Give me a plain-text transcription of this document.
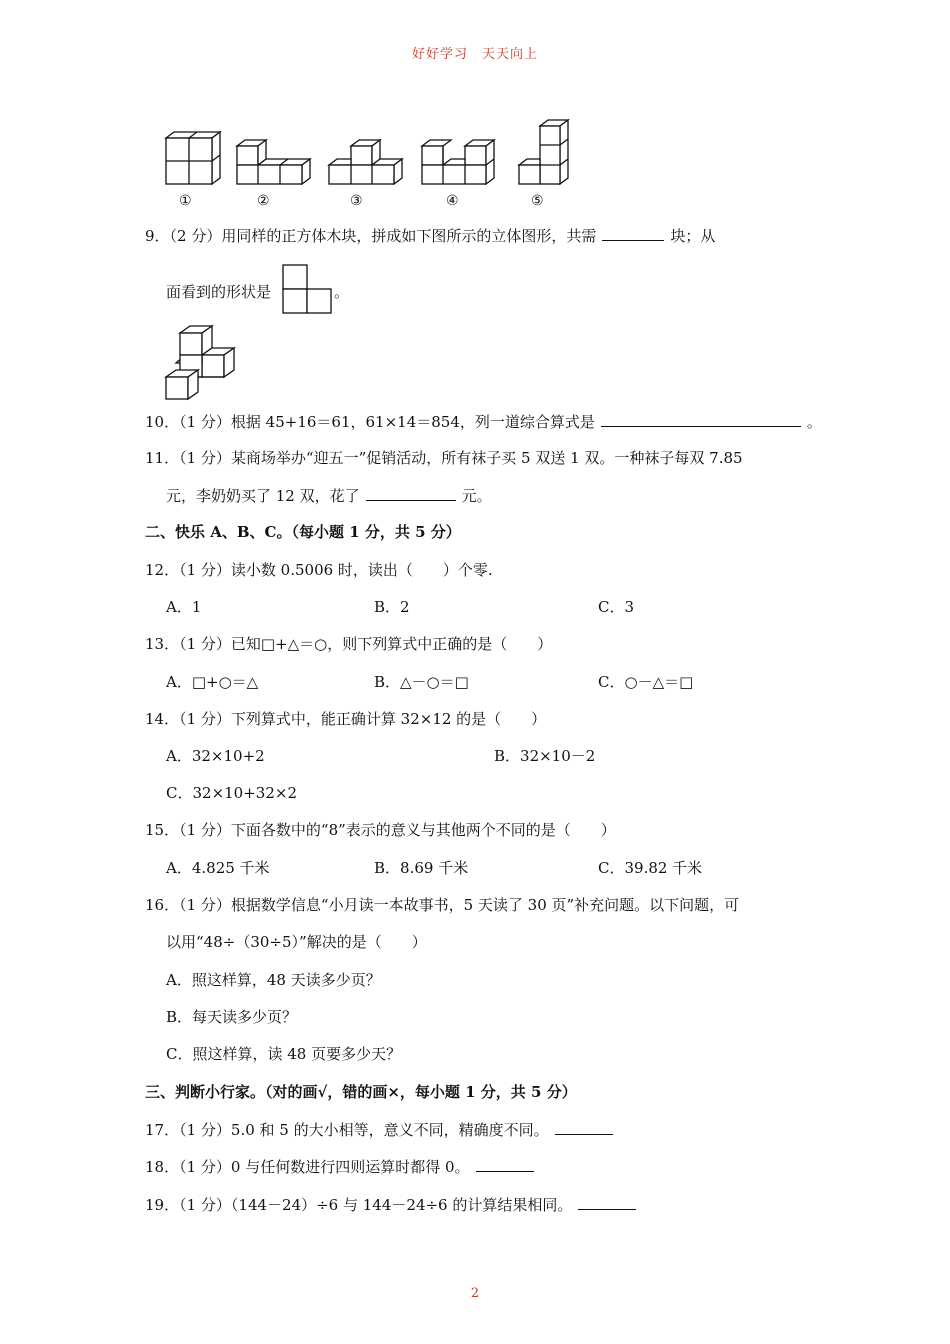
好好学习　天天向上
①	②	③	④	⑤
9．（2 分）用同样的正方体木块，拼成如下图所示的立体图形，共需	块；从
面看到的形状是	。
10．（1 分）根据 45+16＝61，61×14＝854，列一道综合算式是	。
11．（1 分）某商场举办“迎五一”促销活动，所有袜子买 5 双送 1 双。一种袜子每双 7.85
元，李奶奶买了 12 双，花了	元。
二、快乐 A、B、C。（每小题 1 分，共 5 分）
12．（1 分）读小数 0.5006 时，读出（　　）个零.
A．1	B．2	C．3
13．（1 分）已知□+△＝○，则下列算式中正确的是（　　）
A．□+○＝△	B．△－○＝□	C．○－△＝□
14．（1 分）下列算式中，能正确计算 32×12 的是（　　）
A．32×10+2	B．32×10－2
C．32×10+32×2
15．（1 分）下面各数中的“8”表示的意义与其他两个不同的是（　　）
A．4.825 千米	B．8.69 千米	C．39.82 千米
16．（1 分）根据数学信息“小月读一本故事书，5 天读了 30 页”补充问题。以下问题，可
以用“48÷（30÷5）”解决的是（　　）
A．照这样算，48 天读多少页？
B．每天读多少页？
C．照这样算，读 48 页要多少天？
三、判断小行家。（对的画√，错的画×，每小题 1 分，共 5 分）
17．（1 分）5.0 和 5 的大小相等，意义不同，精确度不同。
18．（1 分）0 与任何数进行四则运算时都得 0。
19．（1 分）（144－24）÷6 与 144－24÷6 的计算结果相同。
2
